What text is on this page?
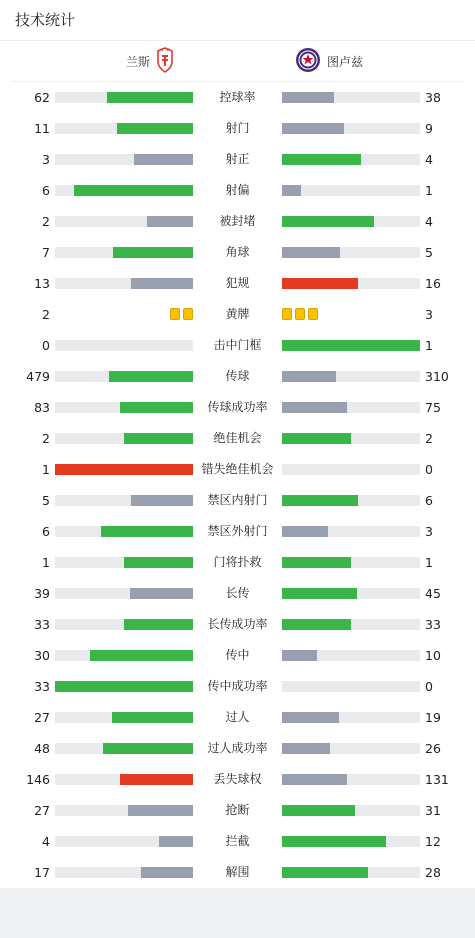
技术统计
兰斯	图卢兹
62	控球率	38
11	射门	9
3	射正	4
6	射偏	1
2	被封堵	4
7	角球	5
13	犯规	16
2	黄牌	3
0	击中门框	1
479	传球	310
83	传球成功率	75
2	绝佳机会	2
1	错失绝佳机会	0
5	禁区内射门	6
6	禁区外射门	3
1	门将扑救	1
39	长传	45
33	长传成功率	33
30	传中	10
33	传中成功率	0
27	过人	19
48	过人成功率	26
146	丢失球权	131
27	抢断	31
4	拦截	12
17	解围	28
